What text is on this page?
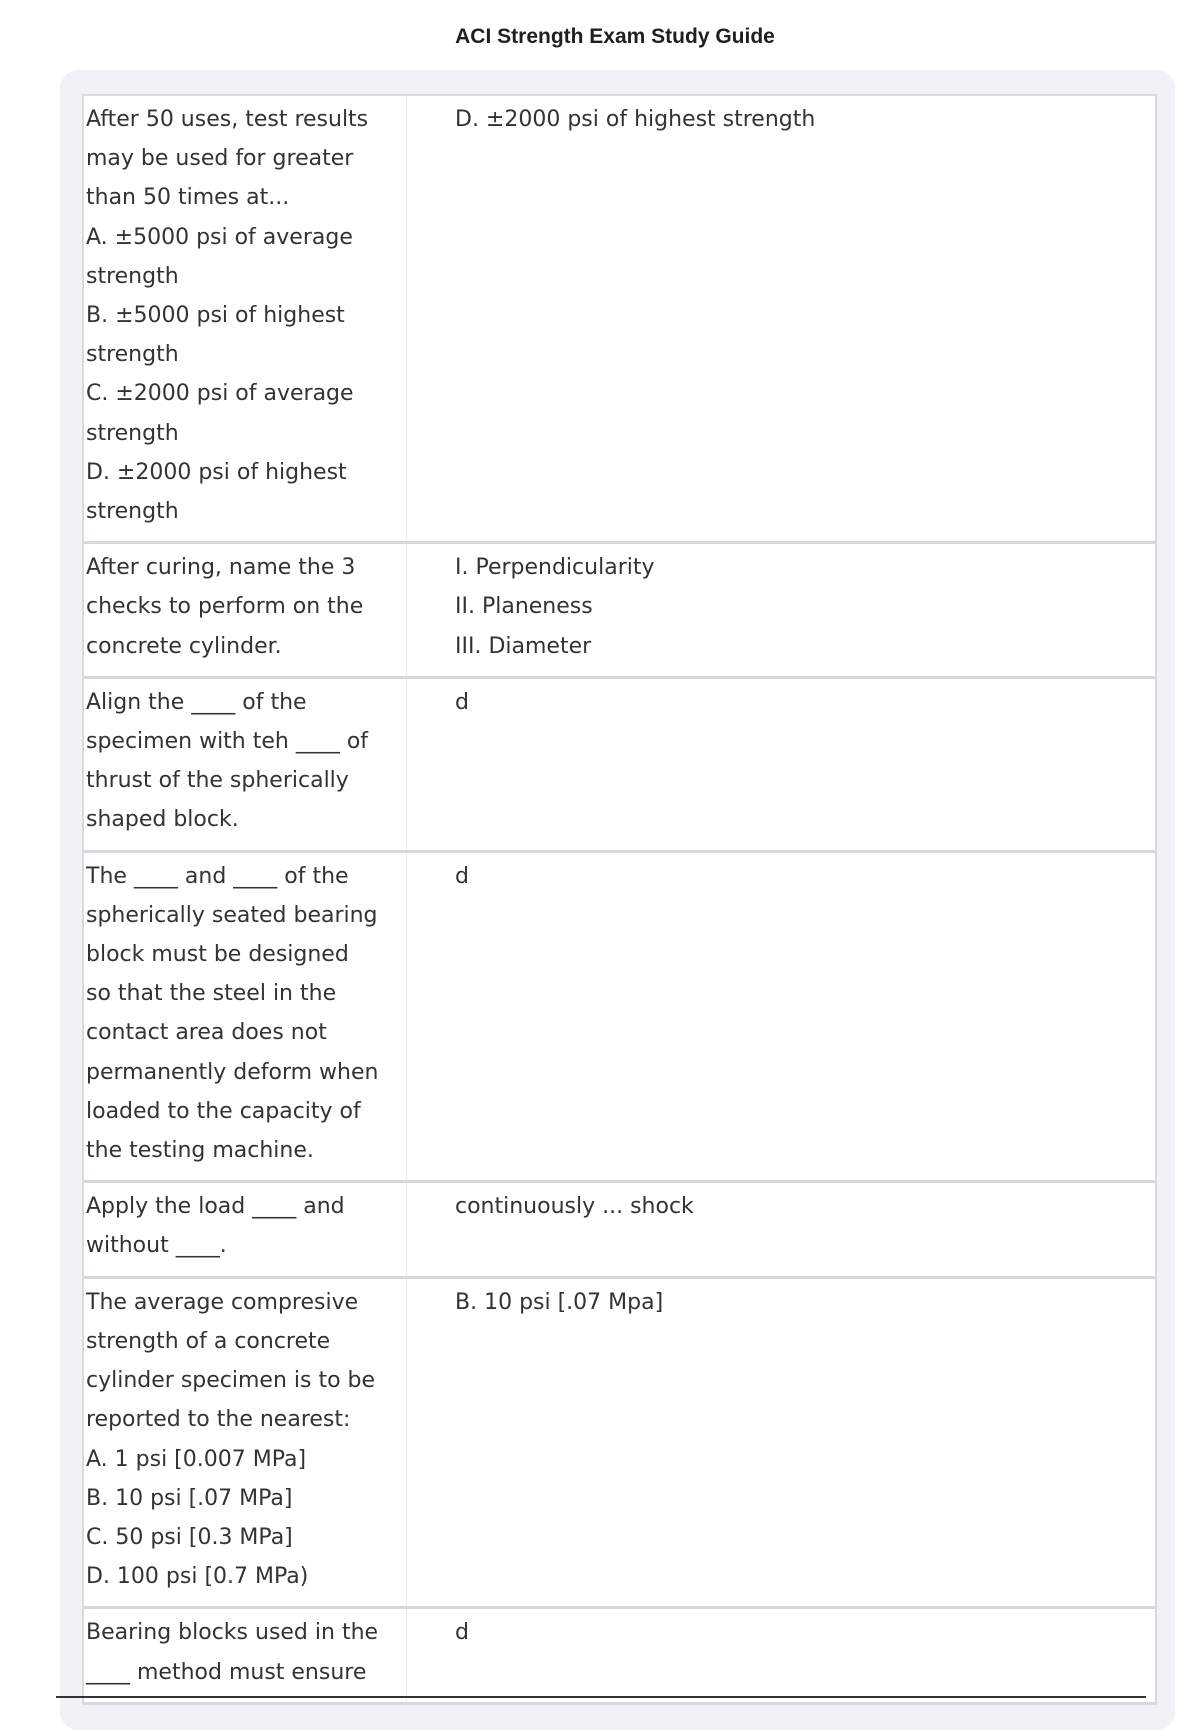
ACI Strength Exam Study Guide
After 50 uses, test results
may be used for greater
than 50 times at...
A. ±5000 psi of average
strength
B. ±5000 psi of highest
strength
C. ±2000 psi of average
strength
D. ±2000 psi of highest
strength
D. ±2000 psi of highest strength
After curing, name the 3
checks to perform on the
concrete cylinder.
I. Perpendicularity
II. Planeness
III. Diameter
Align the ____ of the
specimen with teh ____ of
thrust of the spherically
shaped block.
d
The ____ and ____ of the
spherically seated bearing
block must be designed
so that the steel in the
contact area does not
permanently deform when
loaded to the capacity of
the testing machine.
d
Apply the load ____ and
without ____.
continuously ... shock
The average compresive
strength of a concrete
cylinder specimen is to be
reported to the nearest:
A. 1 psi [0.007 MPa]
B. 10 psi [.07 MPa]
C. 50 psi [0.3 MPa]
D. 100 psi [0.7 MPa)
B. 10 psi [.07 Mpa]
Bearing blocks used in the
____ method must ensure
d
